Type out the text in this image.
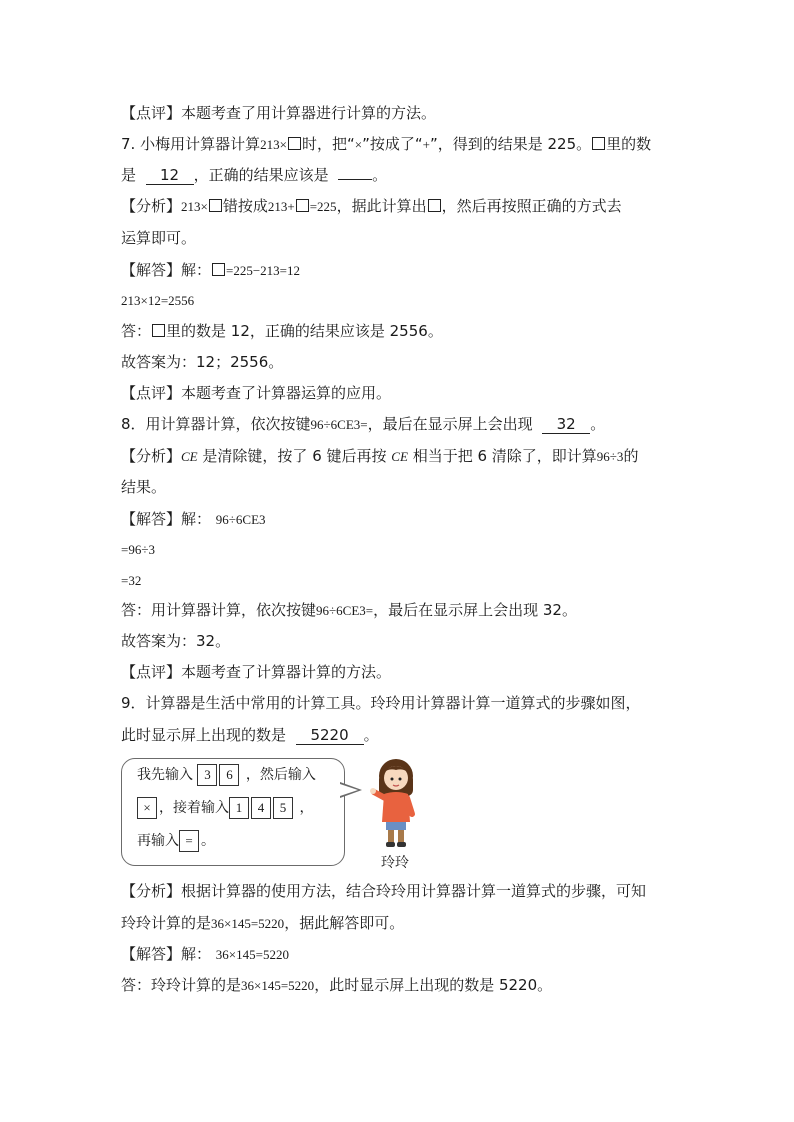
【点评】本题考查了用计算器进行计算的方法。
7. 小梅用计算器计算213× 时，把“×”按成了“+”，得到的结果是 225。 里的数
是 12 ，正确的结果应该是	。
【分析】213× 错按成213+ =225，据此计算出 ，然后再按照正确的方式去
运算即可。
【解答】解： =225−213=12
213×12=2556
答： 里的数是 12，正确的结果应该是 2556。
故答案为：12；2556。
【点评】本题考查了计算器运算的应用。
8．用计算器计算，依次按键96÷6CE3=，最后在显示屏上会出现 32 。
【分析】CE 是清除键，按了 6 键后再按 CE 相当于把 6 清除了，即计算96÷3的
结果。
【解答】解： 96÷6CE3
=96÷3
=32
答：用计算器计算，依次按键96÷6CE3=，最后在显示屏上会出现 32。
故答案为：32。
【点评】本题考查了计算器计算的方法。
9．计算器是生活中常用的计算工具。玲玲用计算器计算一道算式的步骤如图，
此时显示屏上出现的数是 5220 。
我先输入 3 6 ，然后输入
× ，接着输入 1 4 5 ，
再输入 = 。
玲玲
【分析】根据计算器的使用方法，结合玲玲用计算器计算一道算式的步骤，可知
玲玲计算的是36×145=5220，据此解答即可。
【解答】解： 36×145=5220
答：玲玲计算的是36×145=5220，此时显示屏上出现的数是 5220。
